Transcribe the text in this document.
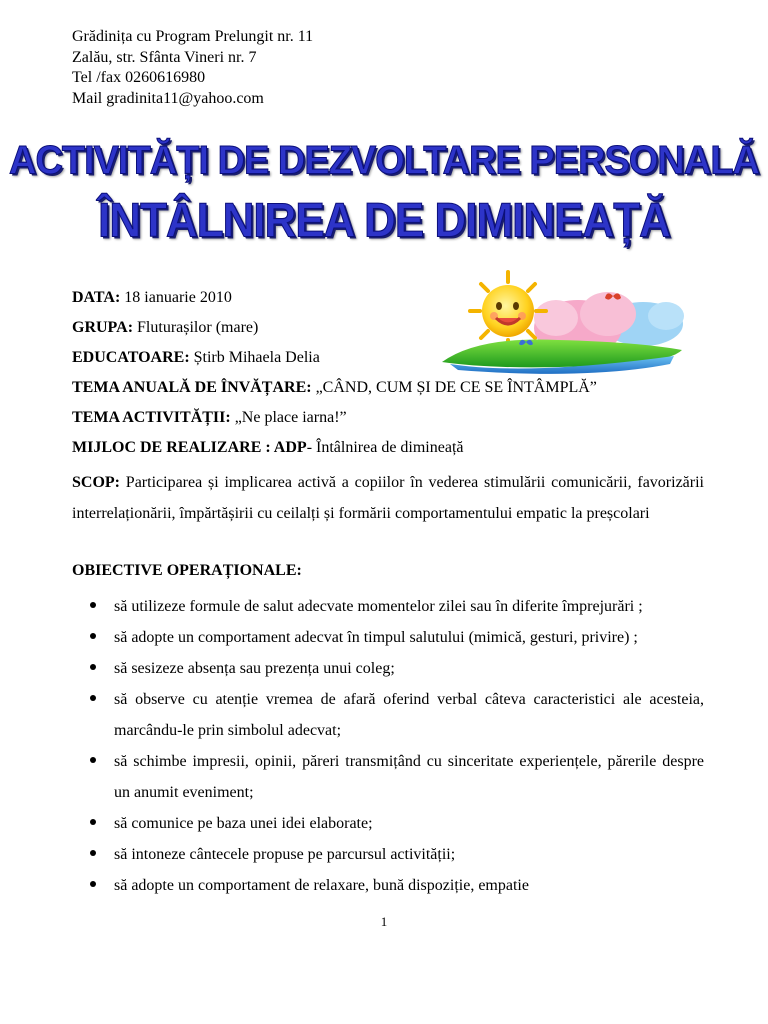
Grădinița cu Program Prelungit nr. 11
Zalău, str. Sfânta Vineri nr. 7
Tel /fax 0260616980
Mail gradinita11@yahoo.com
ACTIVITĂȚI DE DEZVOLTARE PERSONALĂ
ÎNTÂLNIREA DE DIMINEAȚĂ
DATA: 18 ianuarie 2010
GRUPA: Fluturașilor (mare)
EDUCATOARE: Știrb Mihaela Delia
TEMA ANUALĂ DE ÎNVĂȚARE: „CÂND, CUM ȘI DE CE SE ÎNTÂMPLĂ”
TEMA ACTIVITĂȚII: „Ne place iarna!”
MIJLOC DE REALIZARE : ADP- Întâlnirea de dimineață
SCOP: Participarea și implicarea activă a copiilor în vederea stimulării comunicării, favorizării interrelaționării, împărtășirii cu ceilalți și formării comportamentului empatic la preșcolari
OBIECTIVE OPERAȚIONALE:
să utilizeze formule de salut adecvate momentelor zilei sau în diferite împrejurări ;
să adopte un comportament adecvat în timpul salutului (mimică, gesturi, privire) ;
să sesizeze absența sau prezența unui coleg;
să observe cu atenție vremea de afară oferind verbal câteva caracteristici ale acesteia, marcându-le prin simbolul adecvat;
să schimbe impresii, opinii, păreri transmițând cu sinceritate experiențele, părerile despre un anumit eveniment;
să comunice pe baza unei idei elaborate;
să intoneze cântecele propuse pe parcursul activității;
să adopte un comportament de relaxare, bună dispoziție, empatie
1
